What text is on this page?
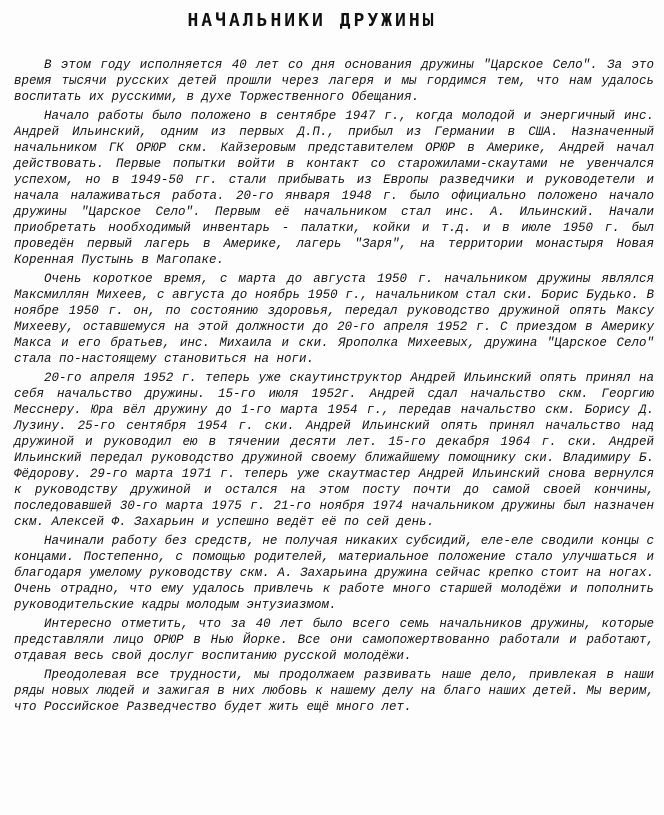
НАЧАЛЬНИКИ ДРУЖИНЫ

В этом году исполняется 40 лет со дня основания дружины "Царское Село". За это время тысячи русских детей прошли через лагеря и мы гордимся тем, что нам удалось воспитать их русскими, в духе Торжественного Обещания.

Начало работы было положено в сентябре 1947 г., когда молодой и энергичный инс. Андрей Ильинский, одним из первых Д.П., прибыл из Германии в США. Назначенный начальником ГК ОРЮР скм. Кайзеровым представителем ОРЮР в Америке, Андрей начал действовать. Первые попытки войти в контакт со старожилами-скаутами не увенчался успехом, но в 1949-50 гг. стали прибывать из Европы разведчики и руководетели и начала налаживаться работа. 20-го января 1948 г. было официально положено начало дружины "Царское Село". Первым её начальником стал инс. А. Ильинский. Начали приобретать нообходимый инвентарь - палатки, койки и т.д. и в июле 1950 г. был проведён первый лагерь в Америке, лагерь "Заря", на территории монастыря Новая Коренная Пустынь в Магопаке.

Очень короткое время, с марта до августа 1950 г. начальником дружины являлся Максмиллян Михеев, с августа до ноябрь 1950 г., начальником стал ски. Борис Будько. В ноябре 1950 г. он, по состоянию здоровья, передал руководство дружиной опять Максу Михееву, оставшемуся на этой должности до 20-го апреля 1952 г. С приездом в Америку Макса и его братьев, инс. Михаила и ски. Ярополка Михеевых, дружина "Царское Село" стала по-настоящему становиться на ноги.

20-го апреля 1952 г. теперь уже скаутинструктор Андрей Ильинский опять принял на себя начальство дружины. 15-го июля 1952г. Андрей сдал начальство скм. Георгию Месснеру. Юра вёл дружину до 1-го марта 1954 г., передав начальство скм. Борису Д. Лузину. 25-го сентября 1954 г. ски. Андрей Ильинский опять принял начальство над дружиной и руководил ею в тячении десяти лет. 15-го декабря 1964 г. ски. Андрей Ильинский передал руководство дружиной своему ближайшему помощнику ски. Владимиру Б. Фёдорову. 29-го марта 1971 г. теперь уже скаутмастер Андрей Ильинский снова вернулся к руководству дружиной и остался на этом посту почти до самой своей кончины, последовавшей 30-го марта 1975 г. 21-го ноября 1974 начальником дружины был назначен скм. Алексей Ф. Захарьин и успешно ведёт её по сей день.

Начинали работу без средств, не получая никаких субсидий, еле-еле сводили концы с концами. Постепенно, с помощью родителей, материальное положение стало улучшаться и благодаря умелому руководству скм. А. Захарьина дружина сейчас крепко стоит на ногах. Очень отрадно, что ему удалось привлечь к работе много старшей молодёжи и пополнить руководительские кадры молодым энтузиазмом.

Интересно отметить, что за 40 лет было всего семь начальников дружины, которые представляли лицо ОРЮР в Нью Йорке. Все они самопожертвованно работали и работают, отдавая весь свой доcлуг воспитанию русской молодёжи.

Преодолевая все трудности, мы продолжаем развивать наше дело, привлекая в наши ряды новых людей и зажигая в них любовь к нашему делу на благо наших детей. Мы верим, что Российское Разведчество будет жить ещё много лет.
